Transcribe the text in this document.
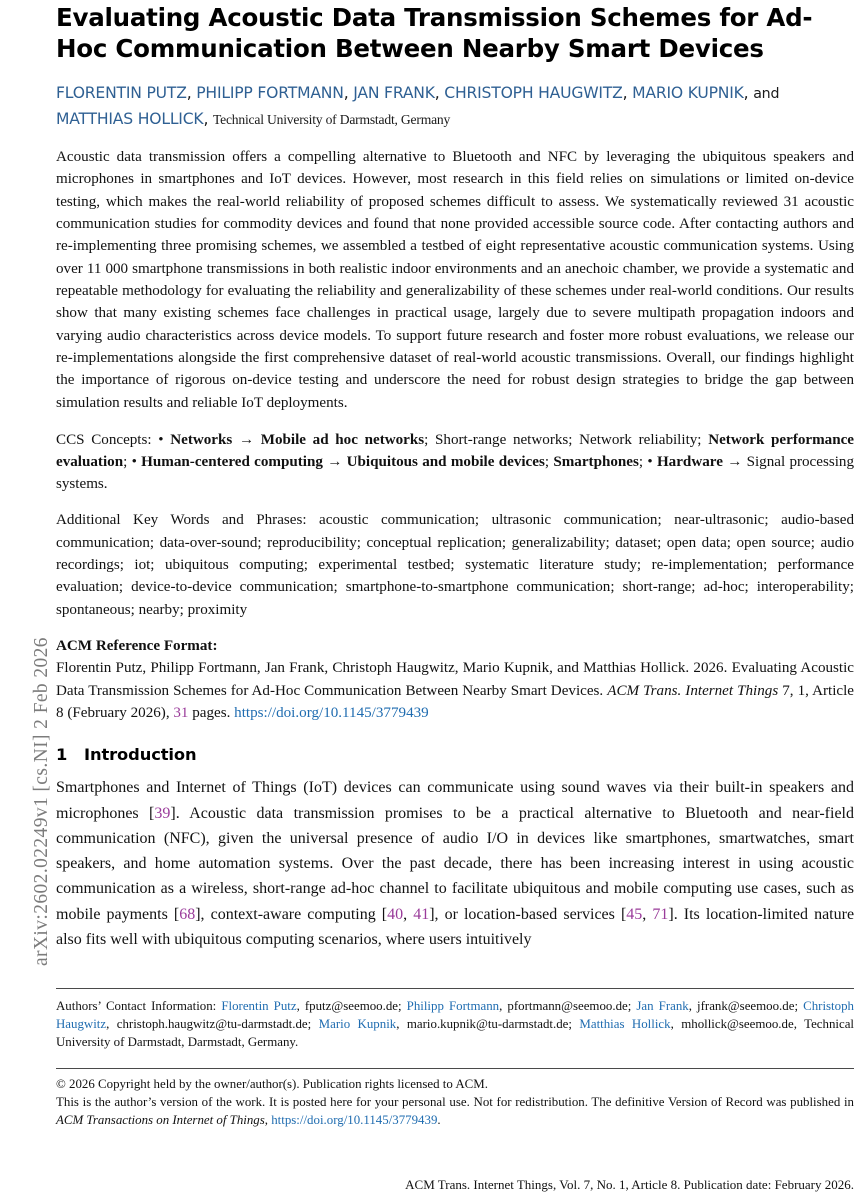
arXiv:2602.02249v1 [cs.NI] 2 Feb 2026
Evaluating Acoustic Data Transmission Schemes for Ad-Hoc Communication Between Nearby Smart Devices
FLORENTIN PUTZ, PHILIPP FORTMANN, JAN FRANK, CHRISTOPH HAUGWITZ, MARIO KUPNIK, and MATTHIAS HOLLICK, Technical University of Darmstadt, Germany

Acoustic data transmission offers a compelling alternative to Bluetooth and NFC by leveraging the ubiquitous speakers and microphones in smartphones and IoT devices. However, most research in this field relies on simulations or limited on-device testing, which makes the real-world reliability of proposed schemes difficult to assess. We systematically reviewed 31 acoustic communication studies for commodity devices and found that none provided accessible source code. After contacting authors and re-implementing three promising schemes, we assembled a testbed of eight representative acoustic communication systems. Using over 11 000 smartphone transmissions in both realistic indoor environments and an anechoic chamber, we provide a systematic and repeatable methodology for evaluating the reliability and generalizability of these schemes under real-world conditions. Our results show that many existing schemes face challenges in practical usage, largely due to severe multipath propagation indoors and varying audio characteristics across device models. To support future research and foster more robust evaluations, we release our re-implementations alongside the first comprehensive dataset of real-world acoustic transmissions. Overall, our findings highlight the importance of rigorous on-device testing and underscore the need for robust design strategies to bridge the gap between simulation results and reliable IoT deployments.

CCS Concepts: • Networks → Mobile ad hoc networks; Short-range networks; Network reliability; Network performance evaluation; • Human-centered computing → Ubiquitous and mobile devices; Smartphones; • Hardware → Signal processing systems.

Additional Key Words and Phrases: acoustic communication; ultrasonic communication; near-ultrasonic; audio-based communication; data-over-sound; reproducibility; conceptual replication; generalizability; dataset; open data; open source; audio recordings; iot; ubiquitous computing; experimental testbed; systematic literature study; re-implementation; performance evaluation; device-to-device communication; smartphone-to-smartphone communication; short-range; ad-hoc; interoperability; spontaneous; nearby; proximity

ACM Reference Format:
Florentin Putz, Philipp Fortmann, Jan Frank, Christoph Haugwitz, Mario Kupnik, and Matthias Hollick. 2026. Evaluating Acoustic Data Transmission Schemes for Ad-Hoc Communication Between Nearby Smart Devices. ACM Trans. Internet Things 7, 1, Article 8 (February 2026), 31 pages. https://doi.org/10.1145/3779439

1 Introduction

Smartphones and Internet of Things (IoT) devices can communicate using sound waves via their built-in speakers and microphones [39]. Acoustic data transmission promises to be a practical alternative to Bluetooth and near-field communication (NFC), given the universal presence of audio I/O in devices like smartphones, smartwatches, smart speakers, and home automation systems. Over the past decade, there has been increasing interest in using acoustic communication as a wireless, short-range ad-hoc channel to facilitate ubiquitous and mobile computing use cases, such as mobile payments [68], context-aware computing [40, 41], or location-based services [45, 71]. Its location-limited nature also fits well with ubiquitous computing scenarios, where users intuitively

Authors’ Contact Information: Florentin Putz, fputz@seemoo.de; Philipp Fortmann, pfortmann@seemoo.de; Jan Frank, jfrank@seemoo.de; Christoph Haugwitz, christoph.haugwitz@tu-darmstadt.de; Mario Kupnik, mario.kupnik@tu-darmstadt.de; Matthias Hollick, mhollick@seemoo.de, Technical University of Darmstadt, Darmstadt, Germany.
© 2026 Copyright held by the owner/author(s). Publication rights licensed to ACM.
This is the author’s version of the work. It is posted here for your personal use. Not for redistribution. The definitive Version of Record was published in ACM Transactions on Internet of Things, https://doi.org/10.1145/3779439.
ACM Trans. Internet Things, Vol. 7, No. 1, Article 8. Publication date: February 2026.
